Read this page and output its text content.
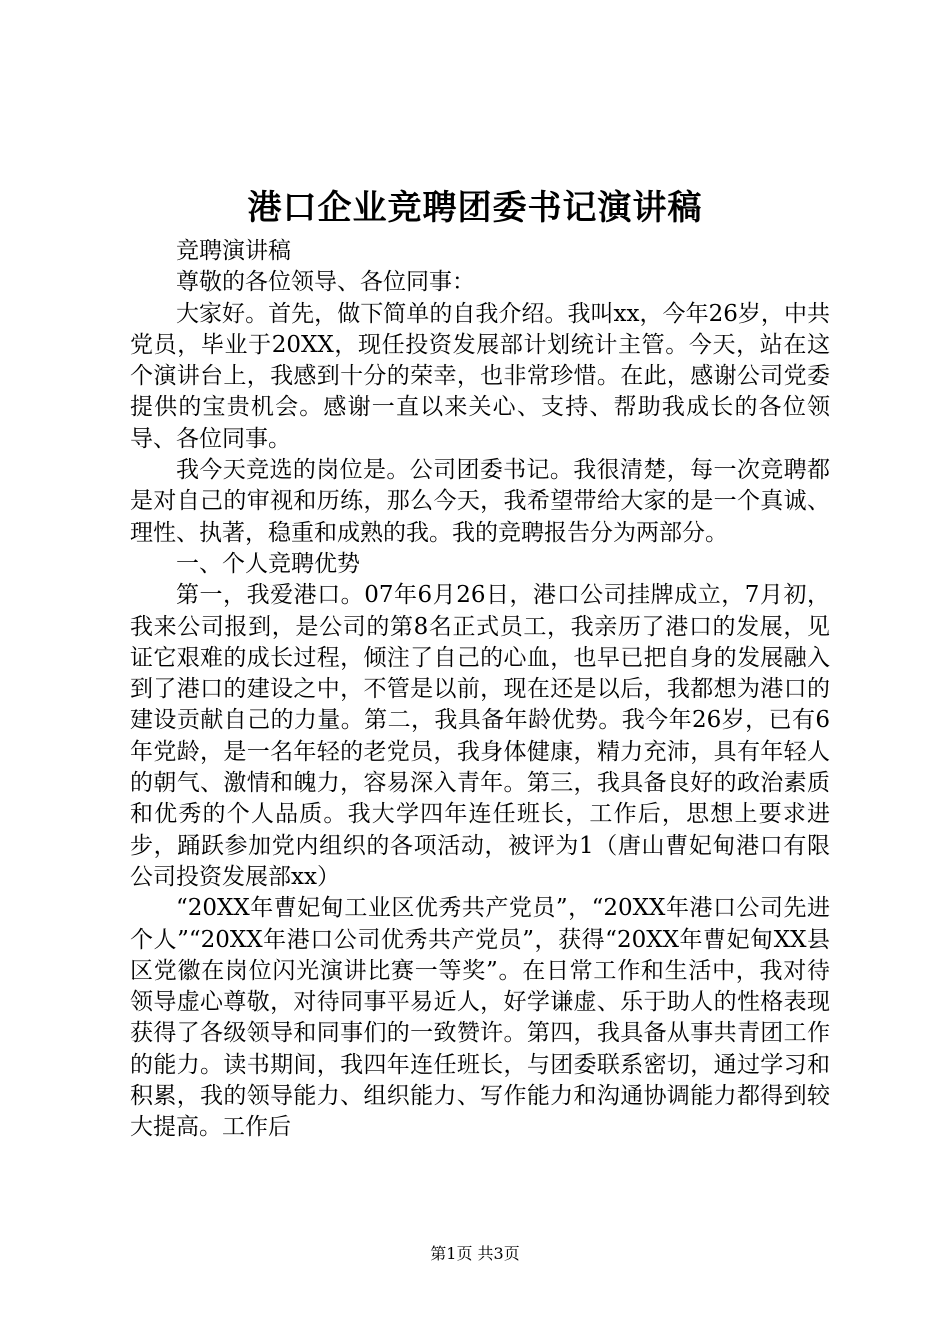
港口企业竞聘团委书记演讲稿

竞聘演讲稿

尊敬的各位领导、各位同事：

大家好。首先，做下简单的自我介绍。我叫xx，今年26岁，中共党员，毕业于20XX，现任投资发展部计划统计主管。今天，站在这个演讲台上，我感到十分的荣幸，也非常珍惜。在此，感谢公司党委提供的宝贵机会。感谢一直以来关心、支持、帮助我成长的各位领导、各位同事。

我今天竞选的岗位是。公司团委书记。我很清楚，每一次竞聘都是对自己的审视和历练，那么今天，我希望带给大家的是一个真诚、理性、执著，稳重和成熟的我。我的竞聘报告分为两部分。

一、个人竞聘优势

第一，我爱港口。07年6月26日，港口公司挂牌成立，7月初，我来公司报到，是公司的第8名正式员工，我亲历了港口的发展，见证它艰难的成长过程，倾注了自己的心血，也早已把自身的发展融入到了港口的建设之中，不管是以前，现在还是以后，我都想为港口的建设贡献自己的力量。第二，我具备年龄优势。我今年26岁，已有6年党龄，是一名年轻的老党员，我身体健康，精力充沛，具有年轻人的朝气、激情和魄力，容易深入青年。第三，我具备良好的政治素质和优秀的个人品质。我大学四年连任班长，工作后，思想上要求进步，踊跃参加党内组织的各项活动，被评为1（唐山曹妃甸港口有限公司投资发展部xx）

“20XX年曹妃甸工业区优秀共产党员”，“20XX年港口公司先进个人”“20XX年港口公司优秀共产党员”，获得“20XX年曹妃甸XX县区党徽在岗位闪光演讲比赛一等奖”。在日常工作和生活中，我对待领导虚心尊敬，对待同事平易近人，好学谦虚、乐于助人的性格表现获得了各级领导和同事们的一致赞许。第四，我具备从事共青团工作的能力。读书期间，我四年连任班长，与团委联系密切，通过学习和积累，我的领导能力、组织能力、写作能力和沟通协调能力都得到较大提高。工作后

第1页 共3页
